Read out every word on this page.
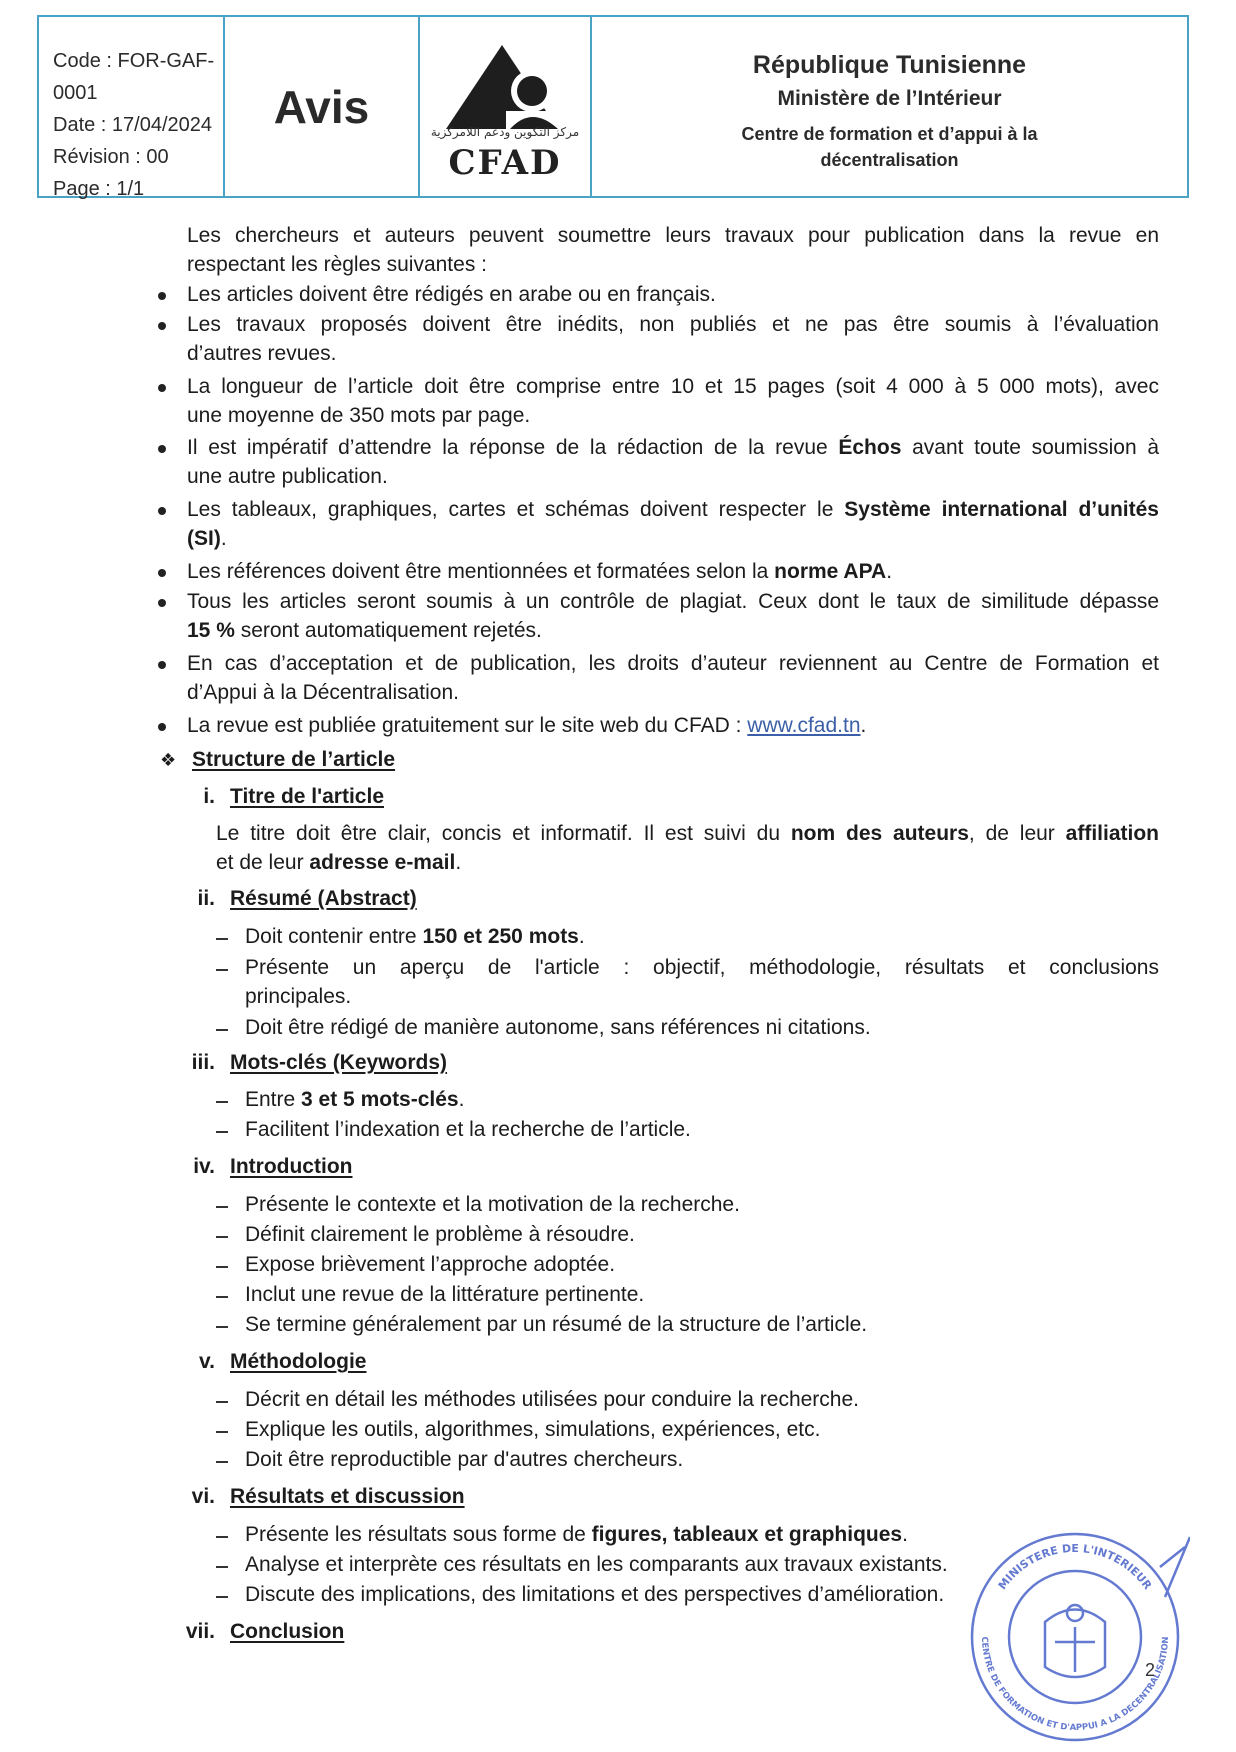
Code : FOR-GAF-0001
Date : 17/04/2024
Révision : 00
Page : 1/1
Avis	مركز التكوين ودعم اللامركزية
CFAD
République Tunisienne
Ministère de l’Intérieur
Centre de formation et d’appui à la
décentralisation
Les chercheurs et auteurs peuvent soumettre leurs travaux pour publication dans la revue en
respectant les règles suivantes :
Les articles doivent être rédigés en arabe ou en français.
Les travaux proposés doivent être inédits, non publiés et ne pas être soumis à l’évaluation
d’autres revues.
La longueur de l’article doit être comprise entre 10 et 15 pages (soit 4 000 à 5 000 mots), avec
une moyenne de 350 mots par page.
Il est impératif d’attendre la réponse de la rédaction de la revue Échos avant toute soumission à
une autre publication.
Les tableaux, graphiques, cartes et schémas doivent respecter le Système international d’unités
(SI).
Les références doivent être mentionnées et formatées selon la norme APA.
Tous les articles seront soumis à un contrôle de plagiat. Ceux dont le taux de similitude dépasse
15 % seront automatiquement rejetés.
En cas d’acceptation et de publication, les droits d’auteur reviennent au Centre de Formation et
d’Appui à la Décentralisation.
La revue est publiée gratuitement sur le site web du CFAD : www.cfad.tn.
❖ Structure de l’article
i. Titre de l'article
Le titre doit être clair, concis et informatif. Il est suivi du nom des auteurs, de leur affiliation
et de leur adresse e-mail.
ii. Résumé (Abstract)
Doit contenir entre 150 et 250 mots.
Présente un aperçu de l'article : objectif, méthodologie, résultats et conclusions
principales.
Doit être rédigé de manière autonome, sans références ni citations.
iii. Mots-clés (Keywords)
Entre 3 et 5 mots-clés.
Facilitent l’indexation et la recherche de l’article.
iv. Introduction
Présente le contexte et la motivation de la recherche.
Définit clairement le problème à résoudre.
Expose brièvement l’approche adoptée.
Inclut une revue de la littérature pertinente.
Se termine généralement par un résumé de la structure de l’article.
v. Méthodologie
Décrit en détail les méthodes utilisées pour conduire la recherche.
Explique les outils, algorithmes, simulations, expériences, etc.
Doit être reproductible par d'autres chercheurs.
vi. Résultats et discussion
Présente les résultats sous forme de figures, tableaux et graphiques.
Analyse et interprète ces résultats en les comparants aux travaux existants.
Discute des implications, des limitations et des perspectives d’amélioration.
vii. Conclusion
MINISTERE DE L'INTERIEUR
CENTRE DE FORMATION ET D'APPUI A LA DECENTRALISATION
2
